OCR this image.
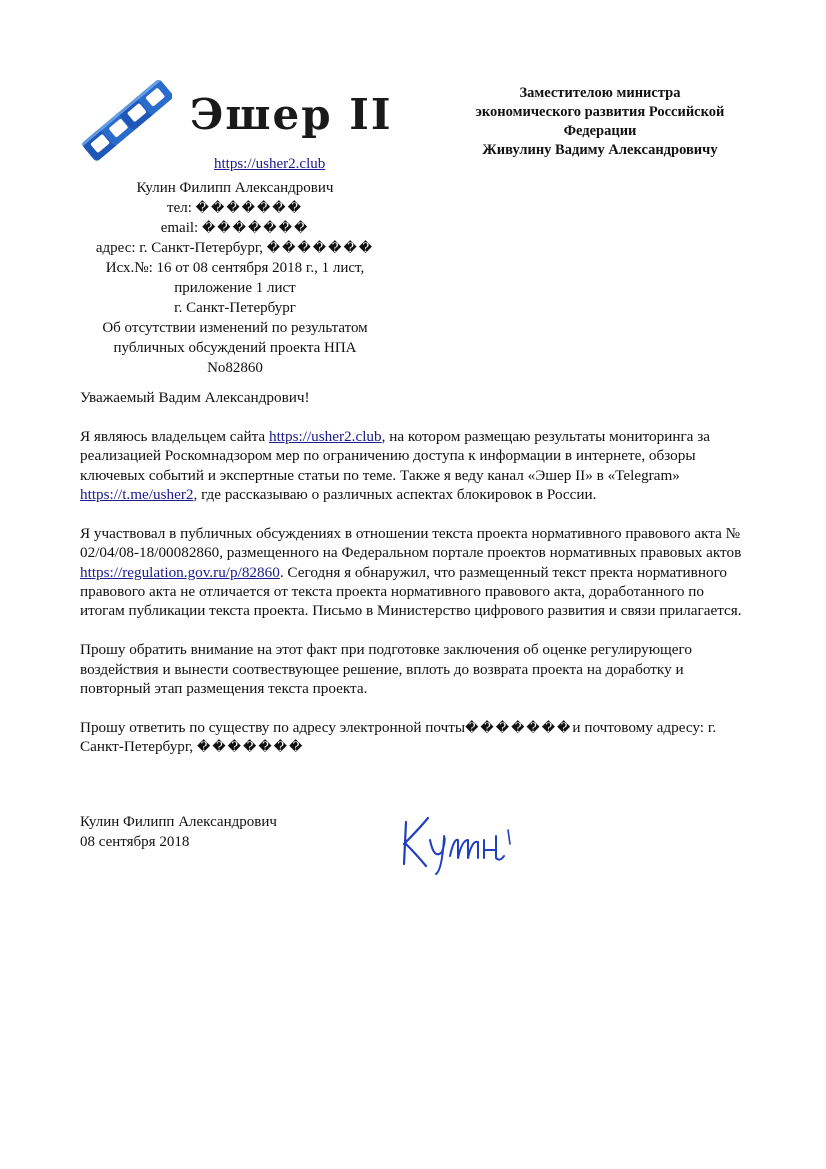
Эшер II
https://usher2.club
Кулин Филипп Александрович
тел: �������
email: �������
адрес: г. Санкт-Петербург, �������
Исх.№: 16 от 08 сентября 2018 г., 1 лист,
приложение 1 лист
г. Санкт-Петербург
Об отсутствии изменений по результатом
публичных обсуждений проекта НПА
No82860
Заместителою министра
экономического развития Российской
Федерации
Живулину Вадиму Александровичу

Уважаемый Вадим Александрович!

Я являюсь владельцем сайта https://usher2.club, на котором размещаю результаты мониторинга за реализацией Роскомнадзором мер по ограничению доступа к информации в интернете, обзоры ключевых событий и экспертные статьи по теме. Также я веду канал «Эшер II» в «Telegram» https://t.me/usher2, где рассказываю о различных аспектах блокировок в России.

Я участвовал в публичных обсуждениях в отношении текста проекта нормативного правового акта № 02/04/08-18/00082860, размещенного на Федеральном портале проектов нормативных правовых актов https://regulation.gov.ru/p/82860. Сегодня я обнаружил, что размещенный текст пректа нормативного правового акта не отличается от текста проекта нормативного правового акта, доработанного по итогам публикации текста проекта. Письмо в Министерство цифрового развития и связи прилагается.

Прошу обратить внимание на этот факт при подготовке заключения об оценке регулирующего воздействия и вынести соотвествующее решение, вплоть до возврата проекта на доработку и повторный этап размещения текста проекта.

Прошу ответить по существу по адресу электронной почты�������и почтовому адресу: г. Санкт-Петербург, �������

Кулин Филипп Александрович
08 сентября 2018
